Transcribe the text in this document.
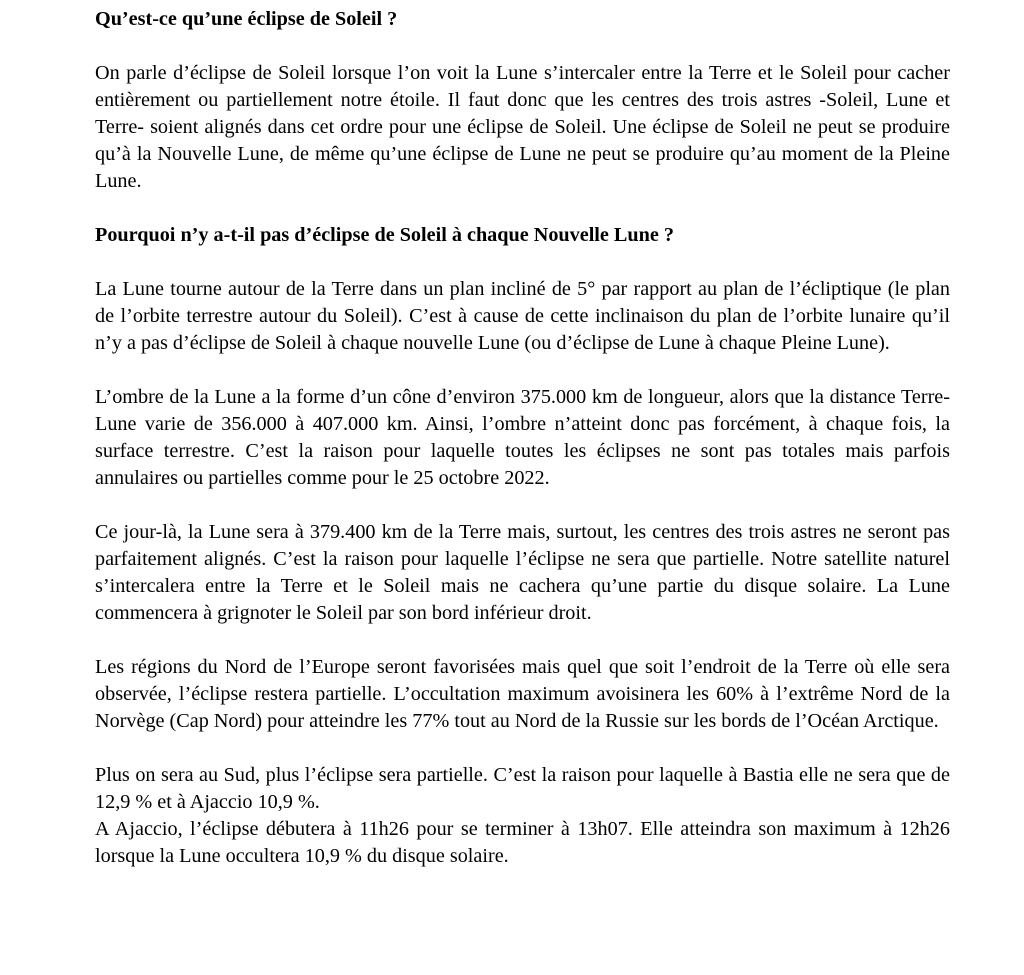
Qu’est-ce qu’une éclipse de Soleil ?
On parle d’éclipse de Soleil lorsque l’on voit la Lune s’intercaler entre la Terre et le Soleil pour cacher entièrement ou partiellement notre étoile. Il faut donc que les centres des trois astres -Soleil, Lune et Terre- soient alignés dans cet ordre pour une éclipse de Soleil. Une éclipse de Soleil ne peut se produire qu’à la Nouvelle Lune, de même qu’une éclipse de Lune ne peut se produire qu’au moment de la Pleine Lune.
Pourquoi n’y a-t-il pas d’éclipse de Soleil à chaque Nouvelle Lune ?
La Lune tourne autour de la Terre dans un plan incliné de 5° par rapport au plan de l’écliptique (le plan de l’orbite terrestre autour du Soleil). C’est à cause de cette inclinaison du plan de l’orbite lunaire qu’il n’y a pas d’éclipse de Soleil à chaque nouvelle Lune (ou d’éclipse de Lune à chaque Pleine Lune).
L’ombre de la Lune a la forme d’un cône d’environ 375.000 km de longueur, alors que la distance Terre-Lune varie de 356.000 à 407.000 km. Ainsi, l’ombre n’atteint donc pas forcément, à chaque fois, la surface terrestre. C’est la raison pour laquelle toutes les éclipses ne sont pas totales mais parfois annulaires ou partielles comme pour le 25 octobre 2022.
Ce jour-là, la Lune sera à 379.400 km de la Terre mais, surtout, les centres des trois astres ne seront pas parfaitement alignés. C’est la raison pour laquelle l’éclipse ne sera que partielle. Notre satellite naturel s’intercalera entre la Terre et le Soleil mais ne cachera qu’une partie du disque solaire. La Lune commencera à grignoter le Soleil par son bord inférieur droit.
Les régions du Nord de l’Europe seront favorisées mais quel que soit l’endroit de la Terre où elle sera observée, l’éclipse restera partielle. L’occultation maximum avoisinera les 60% à l’extrême Nord de la Norvège (Cap Nord) pour atteindre les 77% tout au Nord de la Russie sur les bords de l’Océan Arctique.
Plus on sera au Sud, plus l’éclipse sera partielle. C’est la raison pour laquelle à Bastia elle ne sera que de 12,9 % et à Ajaccio 10,9 %.
A Ajaccio, l’éclipse débutera à 11h26 pour se terminer à 13h07. Elle atteindra son maximum à 12h26 lorsque la Lune occultera 10,9 % du disque solaire.
